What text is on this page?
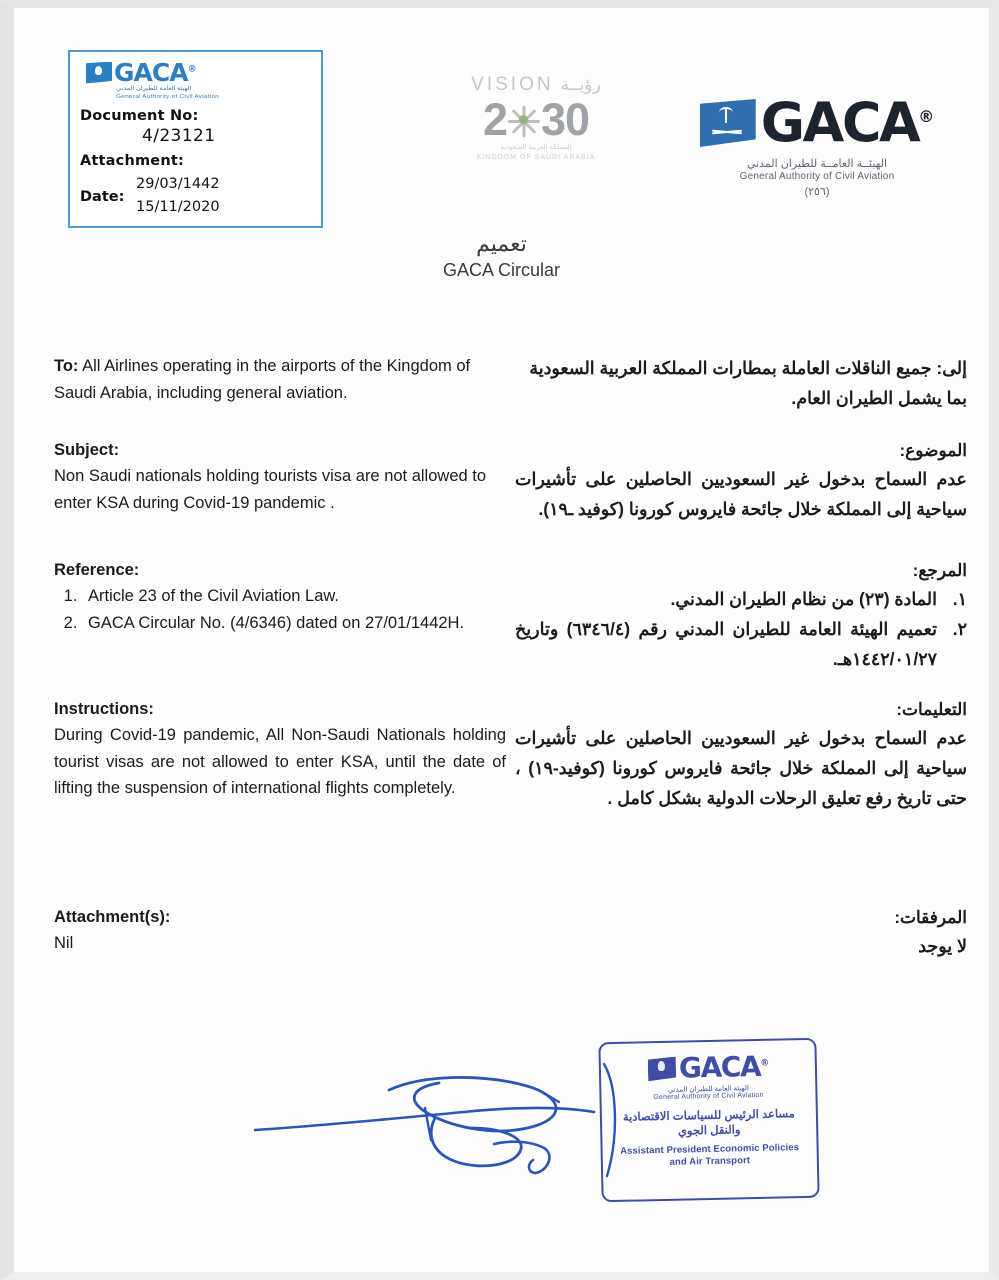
GACA®
الهيئة العامة للطيران المدني
General Authority of Civil Aviation
Document No:
4/23121
Attachment:
Date:
29/03/1442
15/11/2020
VISION رؤيــة
2 30
المملكة العربية السعودية
KINGDOM OF SAUDI ARABIA
GACA®
الهيئــة العامــة للطيران المدني
General Authority of Civil Aviation
(٢٥٦)
تعميم
GACA Circular
To: All Airlines operating in the airports of the Kingdom of Saudi Arabia, including general aviation.
إلى: جميع الناقلات العاملة بمطارات المملكة العربية السعودية بما يشمل الطيران العام.
Subject:
Non Saudi nationals holding tourists visa are not allowed to enter KSA during Covid-19 pandemic .
الموضوع:
عدم السماح بدخول غير السعوديين الحاصلين على تأشيرات سياحية إلى المملكة خلال جائحة فايروس كورونا (كوفيد ـ١٩).
Reference:
1. Article 23 of the Civil Aviation Law.
2. GACA Circular No. (4/6346) dated on 27/01/1442H.
المرجع:
١.
المادة (٢٣) من نظام الطيران المدني.
٢.
تعميم الهيئة العامة للطيران المدني رقم (٦٣٤٦/٤) وتاريخ ١٤٤٢/٠١/٢٧هـ.
Instructions:
During Covid-19 pandemic, All Non-Saudi Nationals holding tourist visas are not allowed to enter KSA, until the date of lifting the suspension of international flights completely.
التعليمات:
عدم السماح بدخول غير السعوديين الحاصلين على تأشيرات سياحية إلى المملكة خلال جائحة فايروس كورونا (كوفيد-١٩) ، حتى تاريخ رفع تعليق الرحلات الدولية بشكل كامل .
Attachment(s):
Nil
المرفقات:
لا يوجد
GACA®
الهيئة العامة للطيران المدني
General Authority of Civil Aviation
مساعد الرئيس للسياسات الاقتصادية
والنقل الجوي
Assistant President Economic Policies
and Air Transport
